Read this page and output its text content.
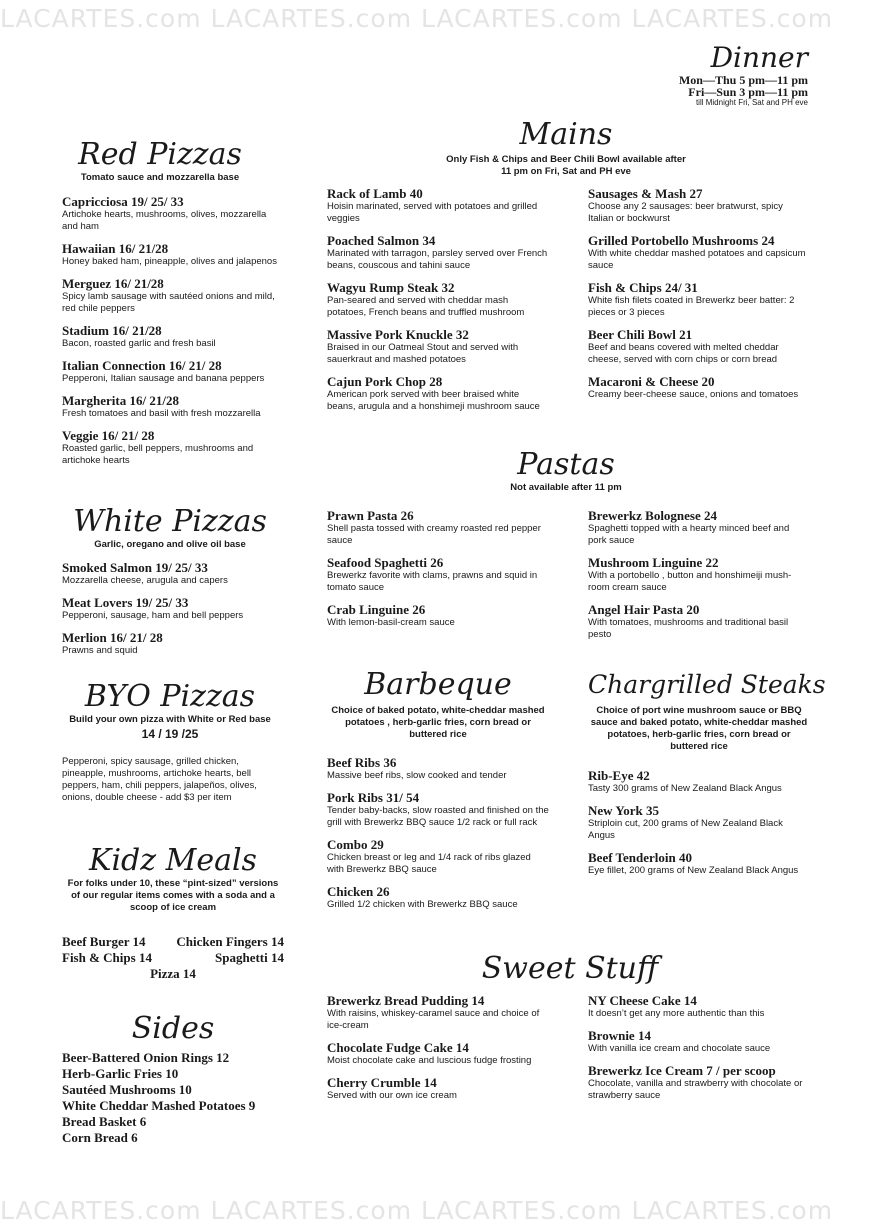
LACARTES.com LACARTES.com LACARTES.com LACARTES.com
LACARTES.com LACARTES.com LACARTES.com LACARTES.com
Dinner
Mon—Thu 5 pm—11 pm
Fri—Sun 3 pm—11 pm
till Midnight Fri, Sat and PH eve
Red Pizzas
Tomato sauce and mozzarella base
Capricciosa 19/ 25/ 33
Artichoke hearts, mushrooms, olives, mozzarella and ham
Hawaiian 16/ 21/28
Honey baked ham, pineapple, olives and jalapenos
Merguez 16/ 21/28
Spicy lamb sausage with sautéed onions and mild, red chile peppers
Stadium 16/ 21/28
Bacon, roasted garlic and fresh basil
Italian Connection 16/ 21/ 28
Pepperoni, Italian sausage and banana peppers
Margherita 16/ 21/28
Fresh tomatoes and basil with fresh mozzarella
Veggie 16/ 21/ 28
Roasted garlic, bell peppers, mushrooms and artichoke hearts
White Pizzas
Garlic, oregano and olive oil base
Smoked Salmon 19/ 25/ 33
Mozzarella cheese, arugula and capers
Meat Lovers 19/ 25/ 33
Pepperoni, sausage, ham and bell peppers
Merlion 16/ 21/ 28
Prawns and squid
BYO Pizzas
Build your own pizza with White or Red base
14 / 19 /25
Pepperoni, spicy sausage, grilled chicken, pineapple, mushrooms, artichoke hearts, bell peppers, ham, chili peppers, jalapeños, olives, onions, double cheese - add $3 per item
Kidz Meals
For folks under 10, these “pint-sized” versions of our regular items comes with a soda and a scoop of ice cream
Beef Burger 14 Chicken Fingers 14
Fish & Chips 14	Spaghetti 14
Pizza 14
Sides
Beer-Battered Onion Rings 12
Herb-Garlic Fries 10
Sautéed Mushrooms 10
White Cheddar Mashed Potatoes 9
Bread Basket 6
Corn Bread 6
Mains
Only Fish & Chips and Beer Chili Bowl available after 11 pm on Fri, Sat and PH eve
Rack of Lamb 40
Hoisin marinated, served with potatoes and grilled veggies
Poached Salmon 34
Marinated with tarragon, parsley served over French beans, couscous and tahini sauce
Wagyu Rump Steak 32
Pan-seared and served with cheddar mash potatoes, French beans and truffled mushroom
Massive Pork Knuckle 32
Braised in our Oatmeal Stout and served with sauerkraut and mashed potatoes
Cajun Pork Chop 28
American pork served with beer braised white beans, arugula and a honshimeji mushroom sauce
Sausages & Mash 27
Choose any 2 sausages: beer bratwurst, spicy Italian or bockwurst
Grilled Portobello Mushrooms 24
With white cheddar mashed potatoes and capsicum sauce
Fish & Chips 24/ 31
White fish filets coated in Brewerkz beer batter: 2 pieces or 3 pieces
Beer Chili Bowl 21
Beef and beans covered with melted cheddar cheese, served with corn chips or corn bread
Macaroni & Cheese 20
Creamy beer-cheese sauce, onions and tomatoes
Pastas
Not available after 11 pm
Prawn Pasta 26
Shell pasta tossed with creamy roasted red pepper sauce
Seafood Spaghetti 26
Brewerkz favorite with clams, prawns and squid in tomato sauce
Crab Linguine 26
With lemon-basil-cream sauce
Brewerkz Bolognese 24
Spaghetti topped with a hearty minced beef and pork sauce
Mushroom Linguine 22
With a portobello , button and honshimeiji mush- room cream sauce
Angel Hair Pasta 20
With tomatoes, mushrooms and traditional basil pesto
Barbeque
Choice of baked potato, white-cheddar mashed potatoes , herb-garlic fries, corn bread or buttered rice
Beef Ribs 36
Massive beef ribs, slow cooked and tender
Pork Ribs 31/ 54
Tender baby-backs, slow roasted and finished on the grill with Brewerkz BBQ sauce 1/2 rack or full rack
Combo 29
Chicken breast or leg and 1/4 rack of ribs glazed with Brewerkz BBQ sauce
Chicken 26
Grilled 1/2 chicken with Brewerkz BBQ sauce
Chargrilled Steaks
Choice of port wine mushroom sauce or BBQ sauce and baked potato, white-cheddar mashed potatoes, herb-garlic fries, corn bread or buttered rice
Rib-Eye 42
Tasty 300 grams of New Zealand Black Angus
New York 35
Striploin cut, 200 grams of New Zealand Black Angus
Beef Tenderloin 40
Eye fillet, 200 grams of New Zealand Black Angus
Sweet Stuff
Brewerkz Bread Pudding 14
With raisins, whiskey-caramel sauce and choice of ice-cream
Chocolate Fudge Cake 14
Moist chocolate cake and luscious fudge frosting
Cherry Crumble 14
Served with our own ice cream
NY Cheese Cake 14
It doesn’t get any more authentic than this
Brownie 14
With vanilla ice cream and chocolate sauce
Brewerkz Ice Cream 7 / per scoop
Chocolate, vanilla and strawberry with chocolate or strawberry sauce
